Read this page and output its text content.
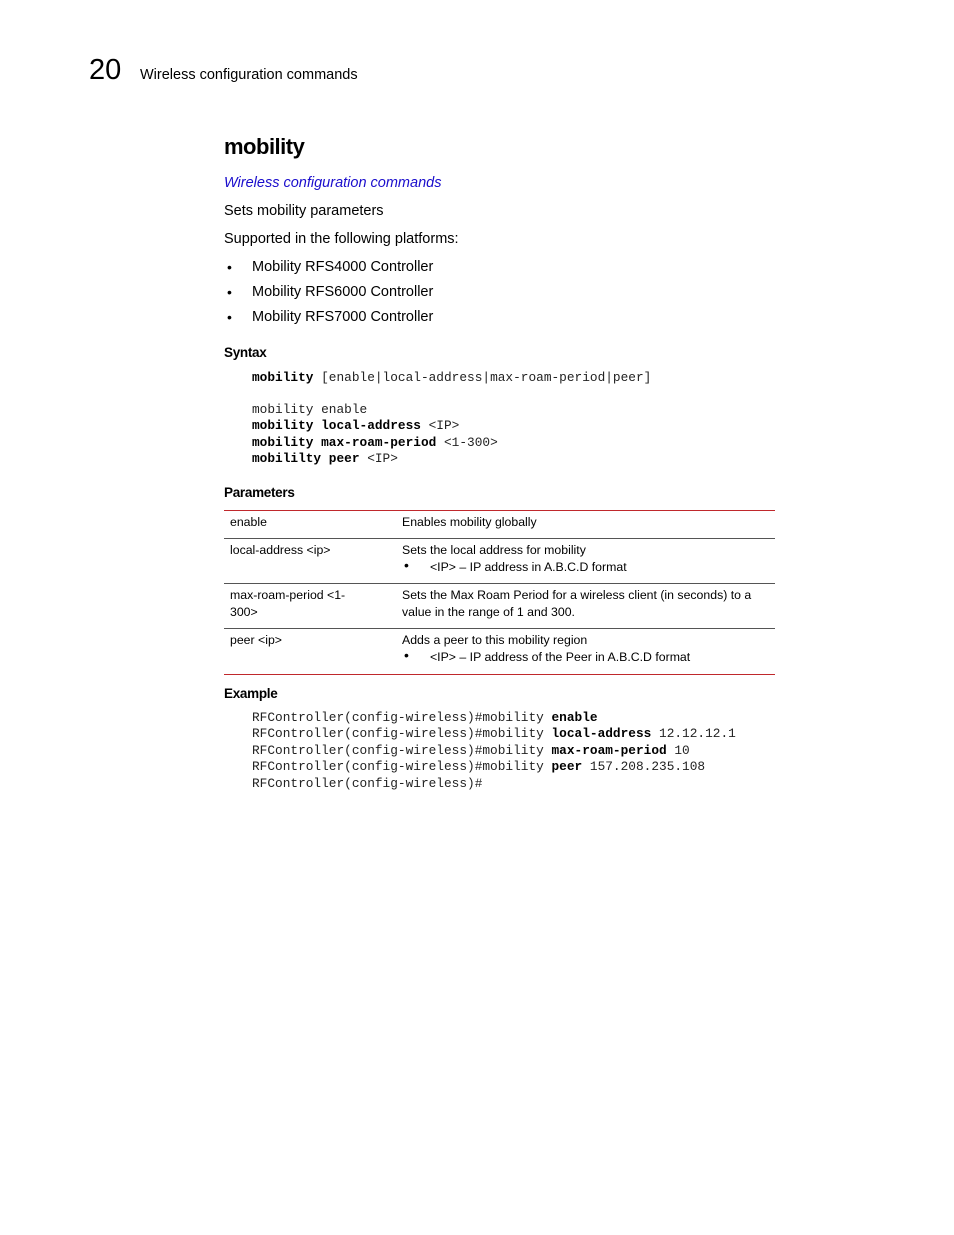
20 Wireless configuration commands
mobility
Wireless configuration commands
Sets mobility parameters
Supported in the following platforms:
• Mobility RFS4000 Controller
• Mobility RFS6000 Controller
• Mobility RFS7000 Controller
Syntax
mobility [enable|local-address|max-roam-period|peer]
mobility enable
mobility local-address <IP>
mobility max-roam-period <1-300>
mobililty peer <IP>
Parameters
enable	Enables mobility globally
local-address <ip>	Sets the local address for mobility
• <IP> – IP address in A.B.C.D format

max-roam-period <1-300>	Sets the Max Roam Period for a wireless client (in seconds) to a value in the range of 1 and 300.
peer <ip>	Adds a peer to this mobility region
• <IP> – IP address of the Peer in A.B.C.D format
Example
RFController(config-wireless)#mobility enable
RFController(config-wireless)#mobility local-address 12.12.12.1
RFController(config-wireless)#mobility max-roam-period 10
RFController(config-wireless)#mobility peer 157.208.235.108
RFController(config-wireless)#
